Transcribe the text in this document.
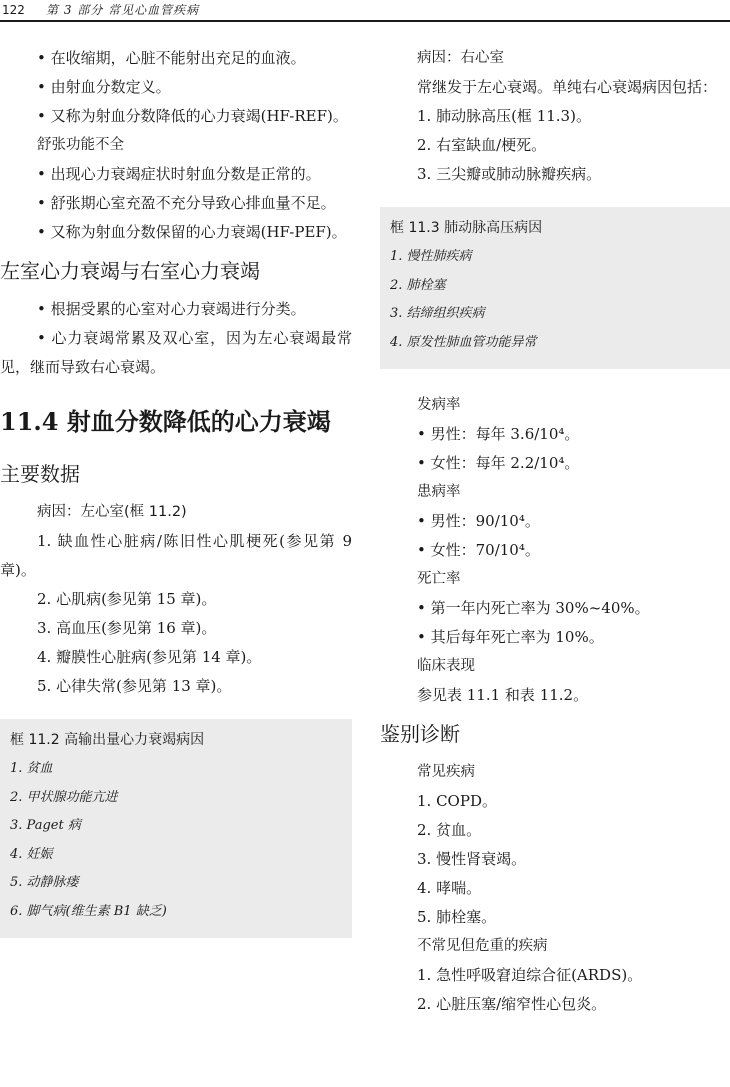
122 第 3 部分 常见心血管疾病

• 在收缩期，心脏不能射出充足的血液。

• 由射血分数定义。

• 又称为射血分数降低的心力衰竭(HF-REF)。

舒张功能不全

• 出现心力衰竭症状时射血分数是正常的。

• 舒张期心室充盈不充分导致心排血量不足。

• 又称为射血分数保留的心力衰竭(HF-PEF)。

左室心力衰竭与右室心力衰竭

• 根据受累的心室对心力衰竭进行分类。

• 心力衰竭常累及双心室，因为左心衰竭最常见，继而导致右心衰竭。

11.4 射血分数降低的心力衰竭
主要数据

病因：左心室(框 11.2)

1. 缺血性心脏病/陈旧性心肌梗死(参见第 9 章)。

2. 心肌病(参见第 15 章)。

3. 高血压(参见第 16 章)。

4. 瓣膜性心脏病(参见第 14 章)。

5. 心律失常(参见第 13 章)。

框 11.2 高输出量心力衰竭病因
1. 贫血
2. 甲状腺功能亢进
3. Paget 病
4. 妊娠
5. 动静脉瘘
6. 脚气病(维生素 B1 缺乏)

病因：右心室

常继发于左心衰竭。单纯右心衰竭病因包括：

1. 肺动脉高压(框 11.3)。

2. 右室缺血/梗死。

3. 三尖瓣或肺动脉瓣疾病。

框 11.3 肺动脉高压病因
1. 慢性肺疾病
2. 肺栓塞
3. 结缔组织疾病
4. 原发性肺血管功能异常

发病率

• 男性：每年 3.6/10⁴。

• 女性：每年 2.2/10⁴。

患病率

• 男性：90/10⁴。

• 女性：70/10⁴。

死亡率

• 第一年内死亡率为 30%~40%。

• 其后每年死亡率为 10%。

临床表现

参见表 11.1 和表 11.2。

鉴别诊断

常见疾病

1. COPD。

2. 贫血。

3. 慢性肾衰竭。

4. 哮喘。

5. 肺栓塞。

不常见但危重的疾病

1. 急性呼吸窘迫综合征(ARDS)。

2. 心脏压塞/缩窄性心包炎。
